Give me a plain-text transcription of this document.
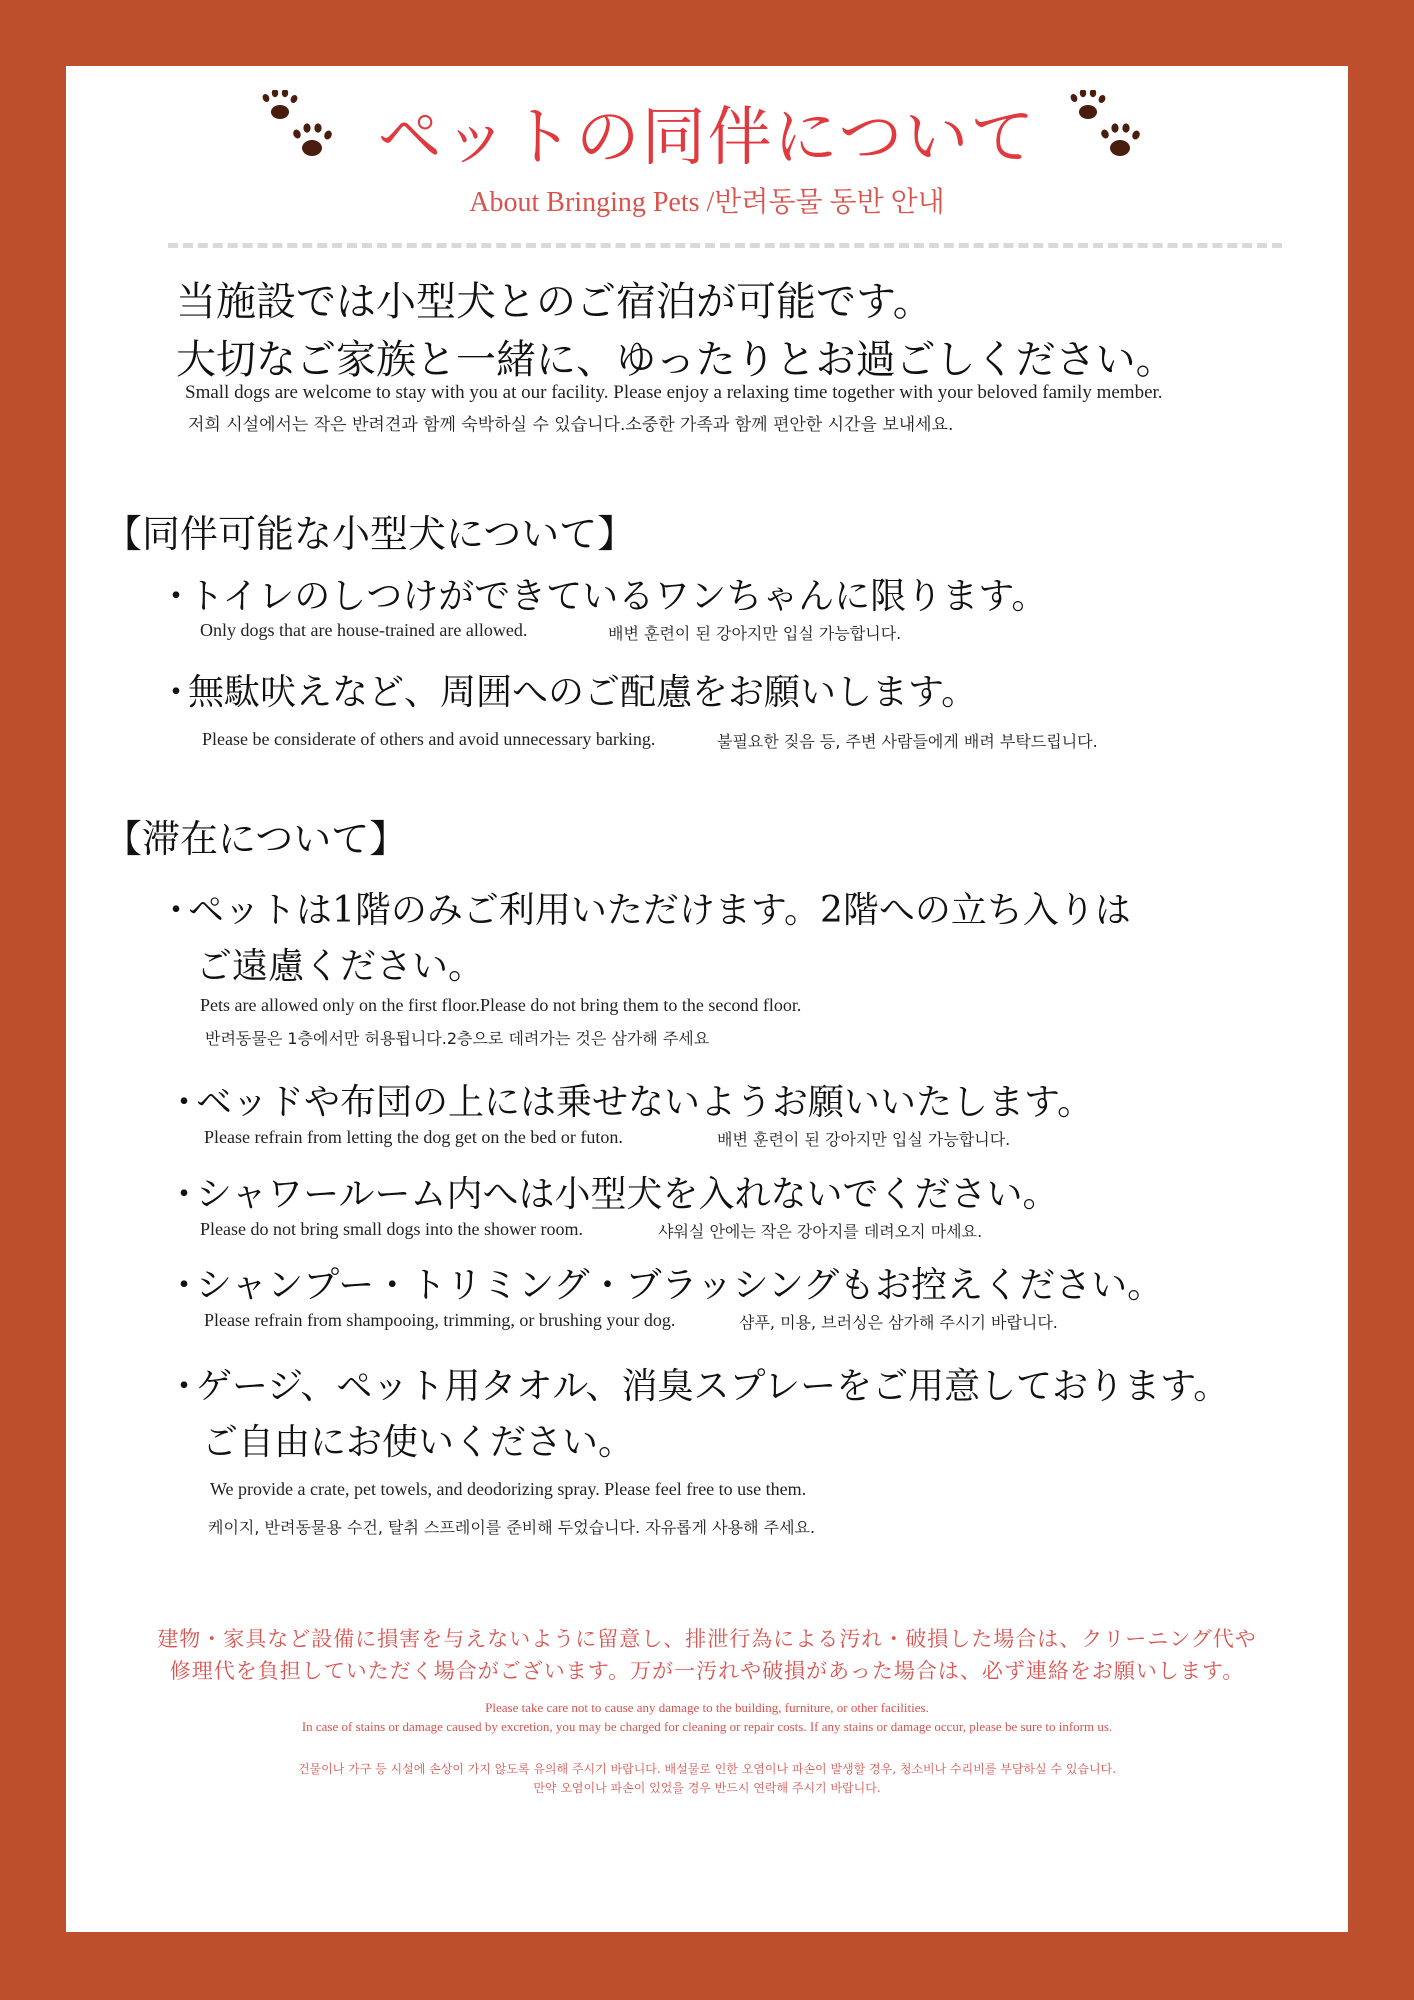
ペットの同伴について
About Bringing Pets /반려동물 동반 안내
当施設では小型犬とのご宿泊が可能です。
大切なご家族と一緒に、ゆったりとお過ごしください。
Small dogs are welcome to stay with you at our facility. Please enjoy a relaxing time together with your beloved family member.
저희 시설에서는 작은 반려견과 함께 숙박하실 수 있습니다.소중한 가족과 함께 편안한 시간을 보내세요.
【同伴可能な小型犬について】
・トイレのしつけができているワンちゃんに限ります。
Only dogs that are house-trained are allowed.	배변 훈련이 된 강아지만 입실 가능합니다.
・無駄吠えなど、周囲へのご配慮をお願いします。
Please be considerate of others and avoid unnecessary barking.	불필요한 짖음 등, 주변 사람들에게 배려 부탁드립니다.
【滞在について】
・ペットは1階のみご利用いただけます。2階への立ち入りは
ご遠慮ください。
Pets are allowed only on the first floor.Please do not bring them to the second floor.
반려동물은 1층에서만 허용됩니다.2층으로 데려가는 것은 삼가해 주세요
・ベッドや布団の上には乗せないようお願いいたします。
Please refrain from letting the dog get on the bed or futon.	배변 훈련이 된 강아지만 입실 가능합니다.
・シャワールーム内へは小型犬を入れないでください。
Please do not bring small dogs into the shower room.	샤워실 안에는 작은 강아지를 데려오지 마세요.
・シャンプー・トリミング・ブラッシングもお控えください。
Please refrain from shampooing, trimming, or brushing your dog.	샴푸, 미용, 브러싱은 삼가해 주시기 바랍니다.
・ゲージ、ペット用タオル、消臭スプレーをご用意しております。
ご自由にお使いください。
We provide a crate, pet towels, and deodorizing spray. Please feel free to use them.
케이지, 반려동물용 수건, 탈취 스프레이를 준비해 두었습니다. 자유롭게 사용해 주세요.
建物・家具など設備に損害を与えないように留意し、排泄行為による汚れ・破損した場合は、クリーニング代や
修理代を負担していただく場合がございます。万が一汚れや破損があった場合は、必ず連絡をお願いします。
Please take care not to cause any damage to the building, furniture, or other facilities.
In case of stains or damage caused by excretion, you may be charged for cleaning or repair costs. If any stains or damage occur, please be sure to inform us.
건물이나 가구 등 시설에 손상이 가지 않도록 유의해 주시기 바랍니다. 배설물로 인한 오염이나 파손이 발생할 경우, 청소비나 수리비를 부담하실 수 있습니다.
만약 오염이나 파손이 있었을 경우 반드시 연락해 주시기 바랍니다.
